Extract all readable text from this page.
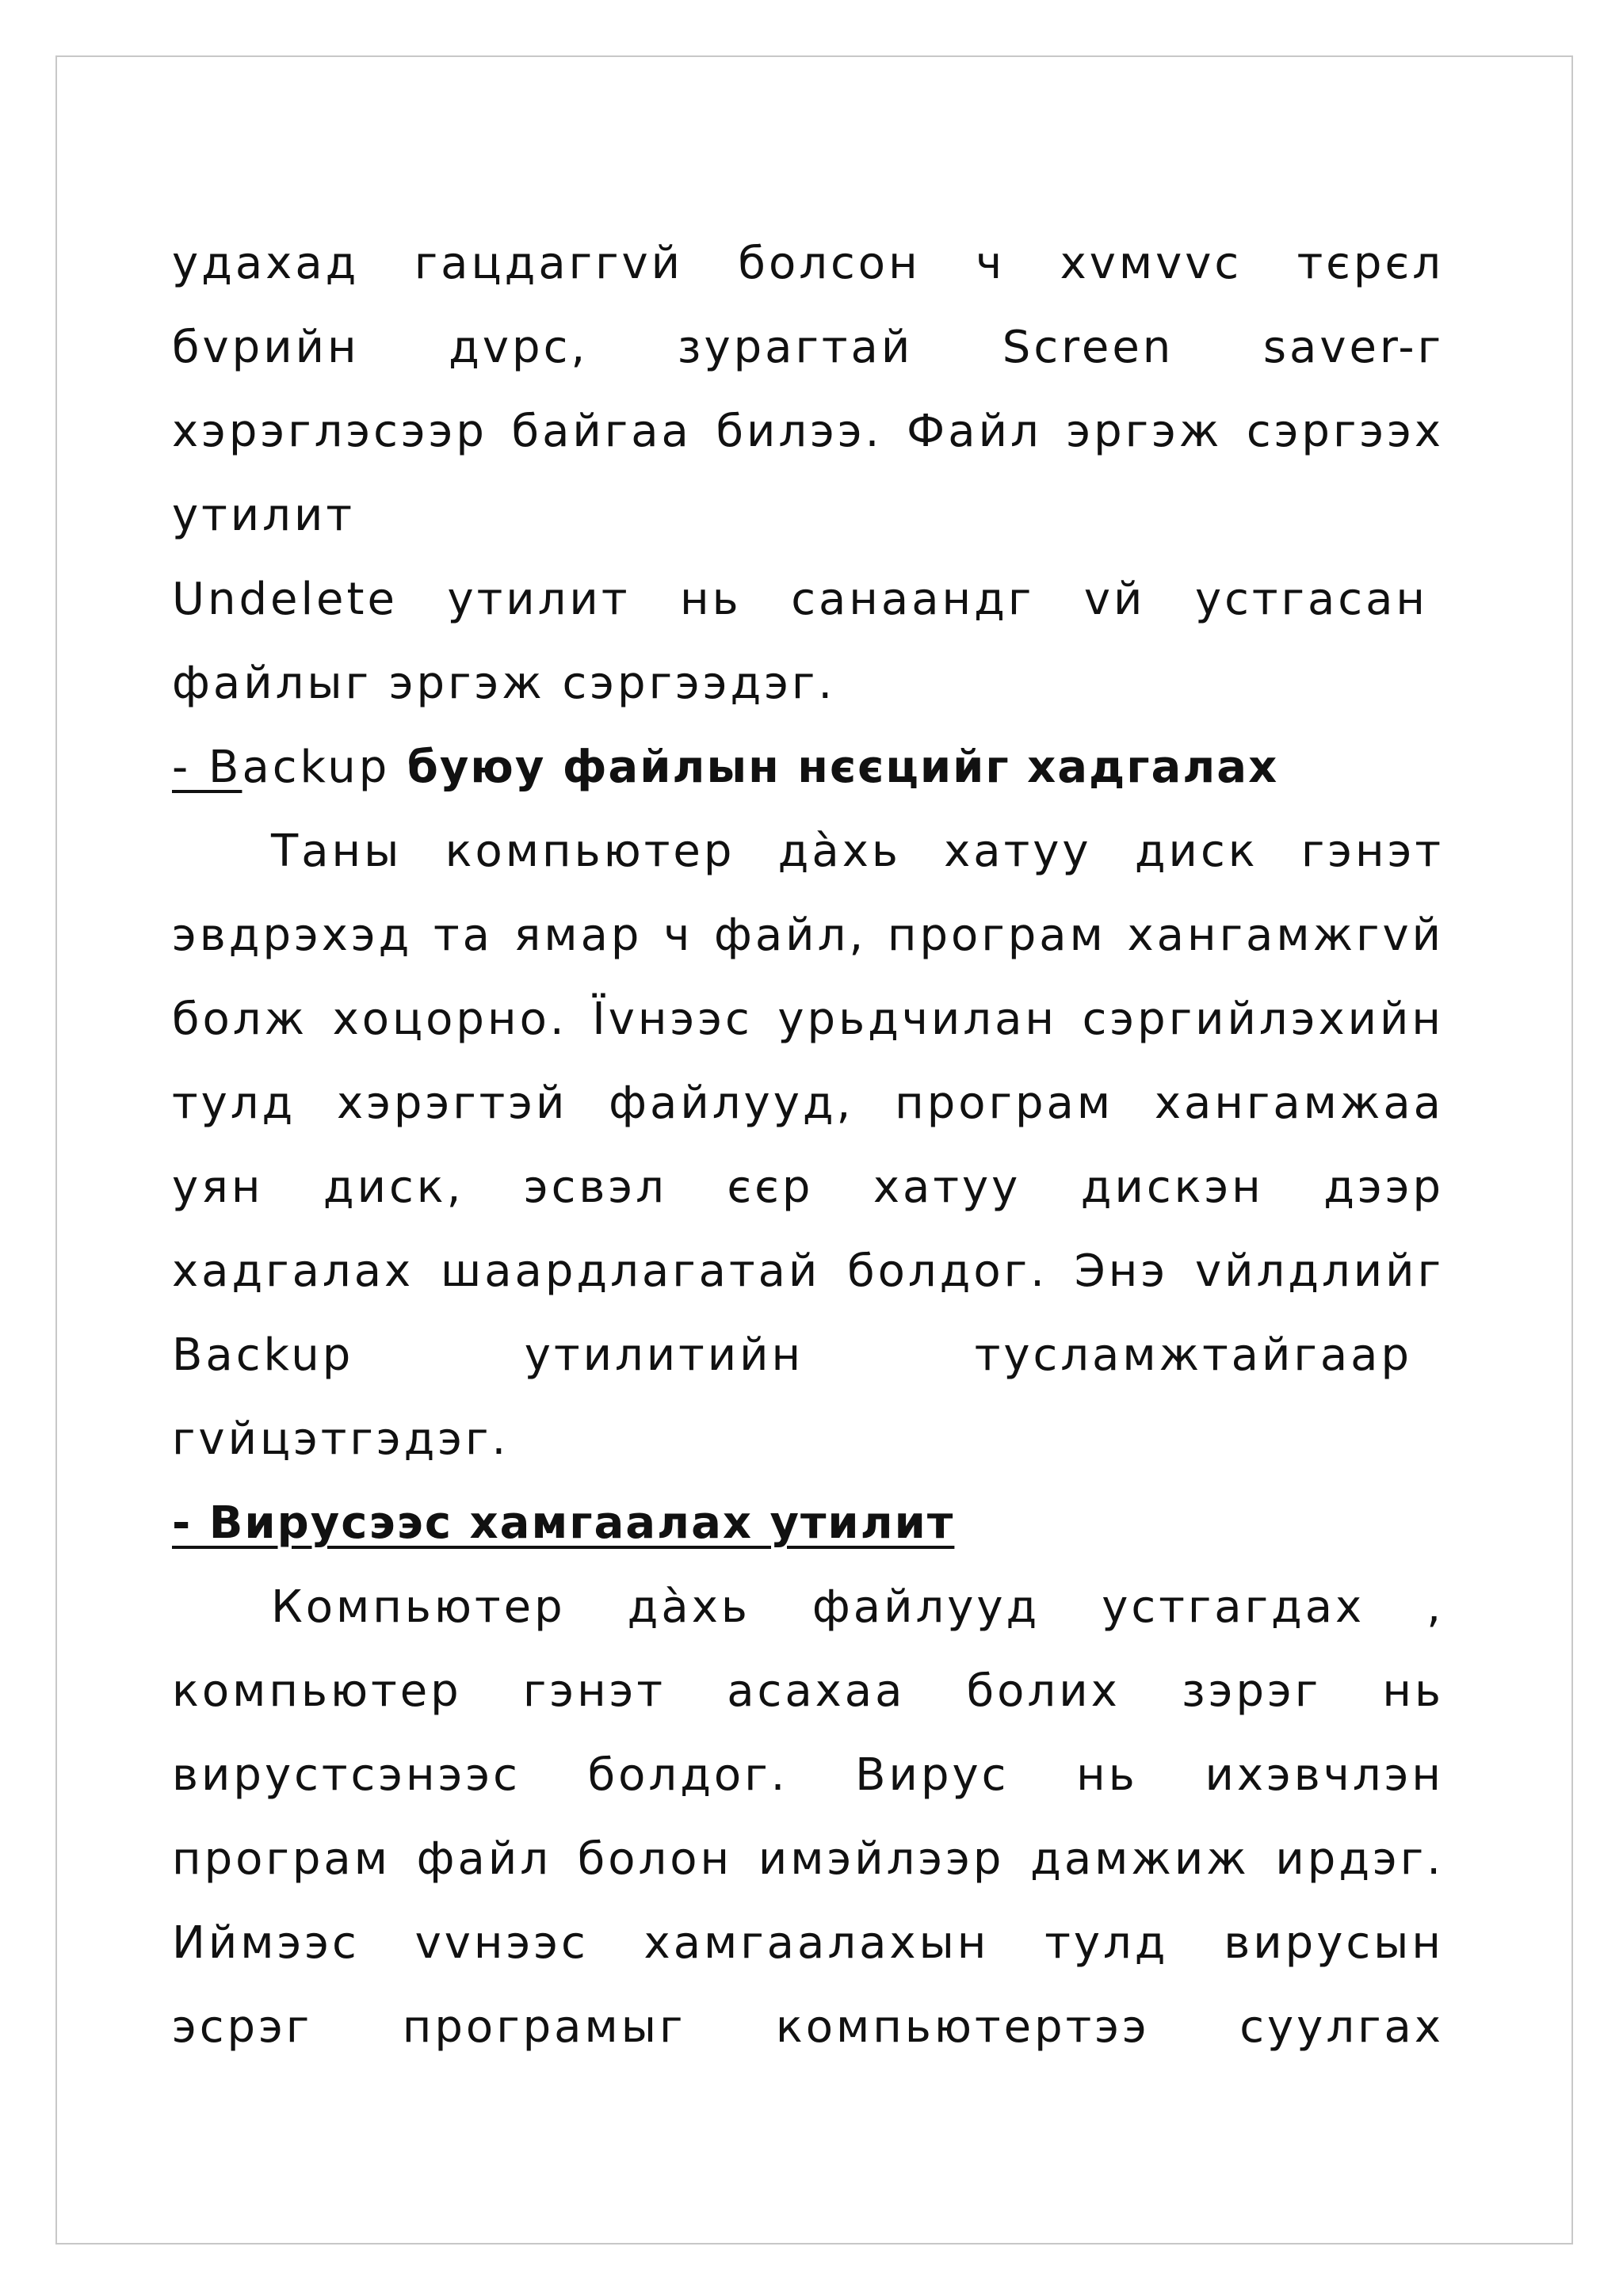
удахад гацдаггvй болсон ч хvмvvс тєрєл
бvрийн дvрс, зурагтай Screen saver-г
хэрэглэсээр байгаа билээ. Файл эргэж сэргээх
утилит
Undelete утилит нь санаандг vй устгасан
файлыг эргэж сэргээдэг.
- Backup буюу файлын нєєцийг хадгалах
Таны компьютер дàхь хатуу диск гэнэт
эвдрэхэд та ямар ч файл, програм хангамжгvй
болж хоцорно. Їvнээс урьдчилан сэргийлэхийн
тулд хэрэгтэй файлууд, програм хангамжаа
уян диск, эсвэл єєр хатуу дискэн дээр
хадгалах шаардлагатай болдог. Энэ vйлдлийг
Backup утилитийн тусламжтайгаар
гvйцэтгэдэг.
- Вирусээс хамгаалах утилит
Компьютер дàхь файлууд устгагдах ,
компьютер гэнэт асахаа болих зэрэг нь
вирустсэнээс болдог. Вирус нь ихэвчлэн
програм файл болон имэйлээр дамжиж ирдэг.
Иймээс vvнээс хамгаалахын тулд вирусын
эсрэг програмыг компьютертээ суулгах
